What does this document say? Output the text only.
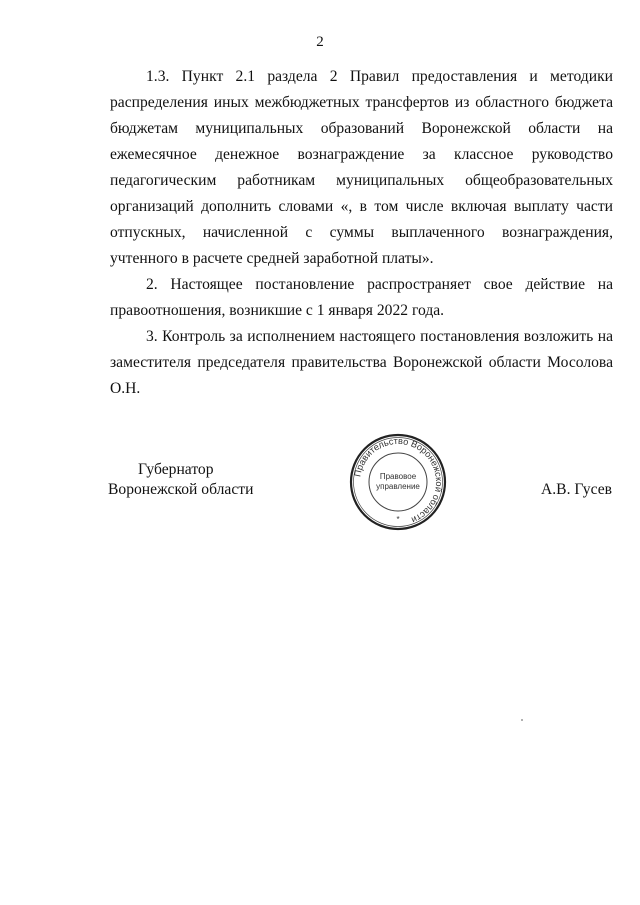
2

1.3. Пункт 2.1 раздела 2 Правил предоставления и методики распределения иных межбюджетных трансфертов из областного бюджета бюджетам муниципальных образований Воронежской области на ежемесячное денежное вознаграждение за классное руководство педагогическим работникам муниципальных общеобразовательных организаций дополнить словами «, в том числе включая выплату части отпускных, начисленной с суммы выплаченного вознаграждения, учтенного в расчете средней заработной платы».

2. Настоящее постановление распространяет свое действие на правоотношения, возникшие с 1 января 2022 года.

3. Контроль за исполнением настоящего постановления возложить на заместителя председателя правительства Воронежской области Мосолова О.Н.

Губернатор
Воронежской области	А.В. Гусев
Правительство Воронежской области
Правовое
управление
*
